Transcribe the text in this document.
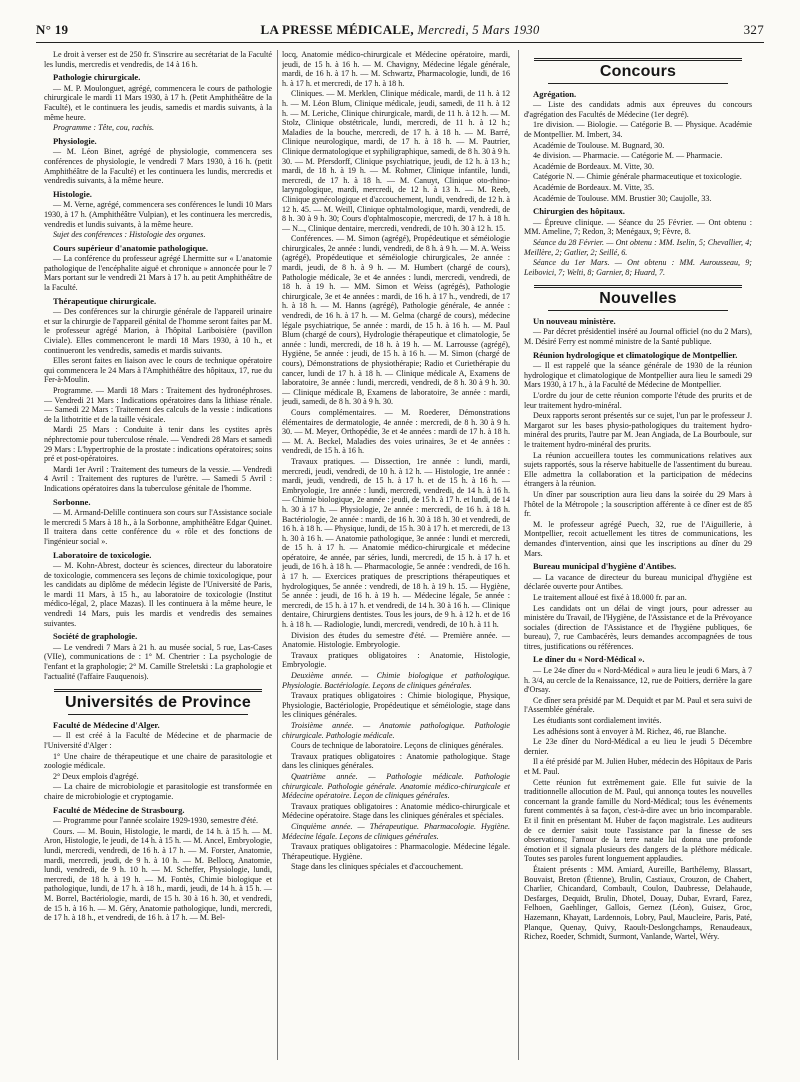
N° 19	LA PRESSE MÉDICALE, Mercredi, 5 Mars 1930	327

Le droit à verser est de 250 fr. S'inscrire au secrétariat de la Faculté les lundis, mercredis et vendredis, de 14 à 16 h.

Pathologie chirurgicale.

— M. P. Moulonguet, agrégé, commencera le cours de pathologie chirurgicale le mardi 11 Mars 1930, à 17 h. (Petit Amphithéâtre de la Faculté), et le continuera les jeudis, samedis et mardis suivants, à la même heure.

Programme : Tête, cou, rachis.

Physiologie.

— M. Léon Binet, agrégé de physiologie, commencera ses conférences de physiologie, le vendredi 7 Mars 1930, à 16 h. (petit Amphithéâtre de la Faculté) et les continuera les lundis, mercredis et vendredis suivants, à la même heure.

Histologie.

— M. Verne, agrégé, commencera ses conférences le lundi 10 Mars 1930, à 17 h. (Amphithéâtre Vulpian), et les continuera les mercredis, vendredis et lundis suivants, à la même heure.

Sujet des conférences : Histologie des organes.

Cours supérieur d'anatomie pathologique.

— La conférence du professeur agrégé Lhermitte sur « L'anatomie pathologique de l'encéphalite aiguë et chronique » annoncée pour le 7 Mars portant sur le vendredi 21 Mars à 17 h. au petit Amphithéâtre de la Faculté.

Thérapeutique chirurgicale.

— Des conférences sur la chirurgie générale de l'appareil urinaire et sur la chirurgie de l'appareil génital de l'homme seront faites par M. le professeur agrégé Marion, à l'hôpital Lariboisière (pavillon Civiale). Elles commenceront le mardi 18 Mars 1930, à 10 h., et continueront les vendredis, samedis et mardis suivants.

Elles seront faites en liaison avec le cours de technique opératoire qui commencera le 24 Mars à l'Amphithéâtre des hôpitaux, 17, rue du Fer-à-Moulin.

Programme. — Mardi 18 Mars : Traitement des hydronéphroses. — Vendredi 21 Mars : Indications opératoires dans la lithiase rénale. — Samedi 22 Mars : Traitement des calculs de la vessie : indications de la lithotritie et de la taille vésicale.

Mardi 25 Mars : Conduite à tenir dans les cystites après néphrectomie pour tuberculose rénale. — Vendredi 28 Mars et samedi 29 Mars : L'hypertrophie de la prostate : indications opératoires; soins pré et post-opératoires.

Mardi 1er Avril : Traitement des tumeurs de la vessie. — Vendredi 4 Avril : Traitement des ruptures de l'urètre. — Samedi 5 Avril : Indications opératoires dans la tuberculose génitale de l'homme.

Sorbonne.

— M. Armand-Delille continuera son cours sur l'Assistance sociale le mercredi 5 Mars à 18 h., à la Sorbonne, amphithéâtre Edgar Quinet. Il traitera dans cette conférence du « rôle et des fonctions de l'ingénieur social ».

Laboratoire de toxicologie.

— M. Kohn-Abrest, docteur ès sciences, directeur du laboratoire de toxicologie, commencera ses leçons de chimie toxicologique, pour les candidats au diplôme de médecin légiste de l'Université de Paris, le mardi 11 Mars, à 15 h., au laboratoire de toxicologie (Institut médico-légal, 2, place Mazas). Il les continuera à la même heure, le vendredi 14 Mars, puis les mardis et vendredis des semaines suivantes.

Société de graphologie.

— Le vendredi 7 Mars à 21 h. au musée social, 5 rue, Las-Cases (VIIe), communications de : 1° M. Chentrier : La psychologie de l'enfant et la graphologie; 2° M. Camille Streletski : La graphologie et l'actualité (l'affaire Fauquenois).

Universités de Province
Faculté de Médecine d'Alger.

— Il est créé à la Faculté de Médecine et de pharmacie de l'Université d'Alger :

1° Une chaire de thérapeutique et une chaire de parasitologie et zoologie médicale.

2° Deux emplois d'agrégé.

— La chaire de microbiologie et parasitologie est transformée en chaire de microbiologie et cryptogamie.

Faculté de Médecine de Strasbourg.

— Programme pour l'année scolaire 1929-1930, semestre d'été.

Cours. — M. Bouin, Histologie, le mardi, de 14 h. à 15 h. — M. Aron, Histologie, le jeudi, de 14 h. à 15 h. — M. Ancel, Embryologie, lundi, mercredi, vendredi, de 16 h. à 17 h. — M. Forster, Anatomie, mardi, mercredi, jeudi, de 9 h. à 10 h. — M. Bellocq, Anatomie, lundi, vendredi, de 9 h. 10 h. — M. Scheffer, Physiologie, lundi, mercredi, de 18 h. à 19 h. — M. Fontès, Chimie biologique et pathologique, lundi, de 17 h. à 18 h., mardi, jeudi, de 14 h. à 15 h. — M. Borrel, Bactériologie, mardi, de 15 h. 30 à 16 h. 30, et vendredi, de 15 h. à 16 h. — M. Géry, Anatomie pathologique, lundi, mercredi, de 17 h. à 18 h., et vendredi, de 16 h. à 17 h. — M. Bel-

locq, Anatomie médico-chirurgicale et Médecine opératoire, mardi, jeudi, de 15 h. à 16 h. — M. Chavigny, Médecine légale générale, mardi, de 16 h. à 17 h. — M. Schwartz, Pharmacologie, lundi, de 16 h. à 17 h. et mercredi, de 17 h. à 18 h.

Cliniques. — M. Merklen, Clinique médicale, mardi, de 11 h. à 12 h. — M. Léon Blum, Clinique médicale, jeudi, samedi, de 11 h. à 12 h. — M. Leriche, Clinique chirurgicale, mardi, de 11 h. à 12 h. — M. Stolz, Clinique obstétricale, lundi, mercredi, de 11 h. à 12 h.; Maladies de la bouche, mercredi, de 17 h. à 18 h. — M. Barré, Clinique neurologique, mardi, de 17 h. à 18 h. — M. Pautrier, Clinique dermatologique et syphiligraphique, samedi, de 8 h. 30 à 9 h. 30. — M. Pfersdorff, Clinique psychiatrique, jeudi, de 12 h. à 13 h.; mardi, de 18 h. à 19 h. — M. Rohmer, Clinique infantile, lundi, mercredi, de 17 h. à 18 h. — M. Canuyt, Clinique oto-rhino-laryngologique, mardi, mercredi, de 12 h. à 13 h. — M. Reeb, Clinique gynécologique et d'accouchement, lundi, vendredi, de 12 h. à 12 h. 45. — M. Weill, Clinique ophtalmologique, mardi, vendredi, de 8 h. 30 à 9 h. 30; Cours d'ophtalmoscopie, mercredi, de 17 h. à 18 h. — N..., Clinique dentaire, mercredi, vendredi, de 10 h. 30 à 12 h. 15.

Conférences. — M. Simon (agrégé), Propédeutique et séméiologie chirurgicales, 2e année : lundi, vendredi, de 8 h. à 9 h. — M. A. Weiss (agrégé), Propédeutique et séméiologie chirurgicales, 2e année : mardi, jeudi, de 8 h. à 9 h. — M. Humbert (chargé de cours), Pathologie médicale, 3e et 4e années : lundi, mercredi, vendredi, de 18 h. à 19 h. — MM. Simon et Weiss (agrégés), Pathologie chirurgicale, 3e et 4e années : mardi, de 16 h. à 17 h., vendredi, de 17 h. à 18 h. — M. Hanns (agrégé), Pathologie générale, 4e année : vendredi, de 16 h. à 17 h. — M. Gelma (chargé de cours), médecine légale psychiatrique, 5e année : mardi, de 15 h. à 16 h. — M. Paul Blum (chargé de cours), Hydrologie thérapeutique et climatologie, 5e année : lundi, mercredi, de 18 h. à 19 h. — M. Larrousse (agrégé), Hygiène, 5e année : jeudi, de 15 h. à 16 h. — M. Simon (chargé de cours), Démonstrations de physiothérapie; Radio et Curiethérapie du cancer, lundi de 17 h. à 18 h. — Clinique médicale A, Examens de laboratoire, 3e année : lundi, mercredi, vendredi, de 8 h. 30 à 9 h. 30. — Clinique médicale B, Examens de laboratoire, 3e année : mardi, jeudi, samedi, de 8 h. 30 à 9 h. 30.

Cours complémentaires. — M. Roederer, Démonstrations élémentaires de dermatologie, 4e année : mercredi, de 8 h. 30 à 9 h. 30. — M. Meyer, Orthopédie, 3e et 4e années : mardi de 17 h. à 18 h. — M. A. Beckel, Maladies des voies urinaires, 3e et 4e années : vendredi, de 15 h. à 16 h.

Travaux pratiques. — Dissection, 1re année : lundi, mardi, mercredi, jeudi, vendredi, de 10 h. à 12 h. — Histologie, 1re année : mardi, jeudi, vendredi, de 15 h. à 17 h. et de 15 h. à 16 h. — Embryologie, 1re année : lundi, mercredi, vendredi, de 14 h. à 16 h. — Chimie biologique, 2e année : jeudi, de 15 h. à 17 h. et lundi, de 14 h. 30 à 17 h. — Physiologie, 2e année : mercredi, de 16 h. à 18 h. Bactériologie, 2e année : mardi, de 16 h. 30 à 18 h. 30 et vendredi, de 16 h. à 18 h. — Physique, lundi, de 15 h. 30 à 17 h. et mercredi, de 13 h. 30 à 16 h. — Anatomie pathologique, 3e année : lundi et mercredi, de 15 h. à 17 h. — Anatomie médico-chirurgicale et médecine opératoire, 4e année, par séries, lundi, mercredi, de 15 h. à 17 h. et jeudi, de 16 h. à 18 h. — Pharmacologie, 5e année : vendredi, de 16 h. à 17 h. — Exercices pratiques de prescriptions thérapeutiques et hydrologiques, 5e année : vendredi, de 18 h. à 19 h. 15. — Hygiène, 5e année : jeudi, de 16 h. à 19 h. — Médecine légale, 5e année : mercredi, de 15 h. à 17 h. et vendredi, de 14 h. 30 à 16 h. — Clinique dentaire, Chirurgiens dentistes. Tous les jours, de 9 h. à 12 h. et de 16 h. à 18 h. — Radiologie, lundi, mercredi, vendredi, de 10 h. à 11 h.

Division des études du semestre d'été. — Première année. — Anatomie. Histologie. Embryologie.

Travaux pratiques obligatoires : Anatomie, Histologie, Embryologie.

Deuxième année. — Chimie biologique et pathologique. Physiologie. Bactériologie. Leçons de cliniques générales.

Travaux pratiques obligatoires : Chimie biologique, Physique, Physiologie, Bactériologie, Propédeutique et séméiologie, stage dans les cliniques générales.

Troisième année. — Anatomie pathologique. Pathologie chirurgicale. Pathologie médicale.

Cours de technique de laboratoire. Leçons de cliniques générales.

Travaux pratiques obligatoires : Anatomie pathologique. Stage dans les cliniques générales.

Quatrième année. — Pathologie médicale. Pathologie chirurgicale. Pathologie générale. Anatomie médico-chirurgicale et Médecine opératoire. Leçon de cliniques générales.

Travaux pratiques obligatoires : Anatomie médico-chirurgicale et Médecine opératoire. Stage dans les cliniques générales et spéciales.

Cinquième année. — Thérapeutique. Pharmacologie. Hygiène. Médecine légale. Leçons de cliniques générales.

Travaux pratiques obligatoires : Pharmacologie. Médecine légale. Thérapeutique. Hygiène.

Stage dans les cliniques spéciales et d'accouchement.

Concours
Agrégation.

— Liste des candidats admis aux épreuves du concours d'agrégation des Facultés de Médecine (1er degré).

1re division. — Biologie. — Catégorie B. — Physique. Académie de Montpellier. M. Imbert, 34.

Académie de Toulouse. M. Bugnard, 30.

4e division. — Pharmacie. — Catégorie M. — Pharmacie.

Académie de Bordeaux. M. Vitte, 30.

Catégorie N. — Chimie générale pharmaceutique et toxicologie.

Académie de Bordeaux. M. Vitte, 35.

Académie de Toulouse. MM. Brustier 30; Caujolle, 33.

Chirurgien des hôpitaux.

— Épreuve clinique. — Séance du 25 Février. — Ont obtenu : MM. Ameline, 7; Redon, 3; Menégaux, 9; Fèvre, 8.

Séance du 28 Février. — Ont obtenu : MM. Iselin, 5; Chevallier, 4; Meillère, 2; Gatlier, 2; Seillé, 6.

Séance du 1er Mars. — Ont obtenu : MM. Aurousseau, 9; Leibovici, 7; Welti, 8; Garnier, 8; Huard, 7.

Nouvelles
Un nouveau ministère.

— Par décret présidentiel inséré au Journal officiel (no du 2 Mars), M. Désiré Ferry est nommé ministre de la Santé publique.

Réunion hydrologique et climatologique de Montpellier.

— Il est rappelé que la séance générale de 1930 de la réunion hydrologique et climatologique de Montpellier aura lieu le samedi 29 Mars 1930, à 17 h., à la Faculté de Médecine de Montpellier.

L'ordre du jour de cette réunion comporte l'étude des prurits et de leur traitement hydro-minéral.

Deux rapports seront présentés sur ce sujet, l'un par le professeur J. Margarot sur les bases physio-pathologiques du traitement hydro-minéral des prurits, l'autre par M. Jean Angiada, de La Bourboule, sur le traitement hydro-minéral des prurits.

La réunion accueillera toutes les communications relatives aux sujets rapportés, sous la réserve habituelle de l'assentiment du bureau. Elle admettra la collaboration et la participation de médecins étrangers à la réunion.

Un dîner par souscription aura lieu dans la soirée du 29 Mars à l'hôtel de la Métropole ; la souscription afférente à ce dîner est de 85 fr.

M. le professeur agrégé Puech, 32, rue de l'Aiguillerie, à Montpellier, recoit actuellement les titres de communications, les demandes d'intervention, ainsi que les inscriptions au dîner du 29 Mars.

Bureau municipal d'hygiène d'Antibes.

— La vacance de directeur du bureau municipal d'hygiène est déclarée ouverte pour Antibes.

Le traitement alloué est fixé à 18.000 fr. par an.

Les candidats ont un délai de vingt jours, pour adresser au ministère du Travail, de l'Hygiène, de l'Assistance et de la Prévoyance sociales (direction de l'Assistance et de l'hygiène publiques, 6e bureau), 7, rue Cambacérès, leurs demandes accompagnées de tous titres, justifications ou références.

Le dîner du « Nord-Médical ».

— Le 24e dîner du « Nord-Médical » aura lieu le jeudi 6 Mars, à 7 h. 3/4, au cercle de la Renaissance, 12, rue de Poitiers, derrière la gare d'Orsay.

Ce dîner sera présidé par M. Dequidt et par M. Paul et sera suivi de l'Assemblée générale.

Les étudiants sont cordialement invités.

Les adhésions sont à envoyer à M. Richez, 46, rue Blanche.

Le 23e dîner du Nord-Médical a eu lieu le jeudi 5 Décembre dernier.

Il a été présidé par M. Julien Huber, médecin des Hôpitaux de Paris et M. Paul.

Cette réunion fut extrêmement gaie. Elle fut suivie de la traditionnelle allocution de M. Paul, qui annonça toutes les nouvelles concernant la grande famille du Nord-Médical; tous les événements furent commentés à sa façon, c'est-à-dire avec un brio incomparable. Et il finit en présentant M. Huber de façon magistrale. Les auditeurs de ce dernier saisit toute l'assistance par la finesse de ses observations; l'amour de la terre natale lui donna une profonde émotion et il signala plusieurs des dangers de la pléthore médicale. Toutes ses paroles furent longuement applaudies.

Étaient présents : MM. Amiard, Aureille, Barthélemy, Blassart, Bouvaist, Breton (Étienne), Brulin, Castiaux, Crouzon, de Chabert, Charlier, Chicandard, Combault, Coulon, Daubresse, Delahaude, Desfarges, Dequidt, Brulin, Dhotel, Douay, Dubar, Evrard, Farez, Felhoen, Gaehlinger, Gallois, Gernez (Léon), Guisez, Groc, Hazemann, Khayatt, Lardennois, Lobry, Paul, Maucleire, Paris, Paté, Planque, Quenay, Quivy, Raoult-Deslongchamps, Renaudeaux, Richez, Roeder, Schmidt, Surmont, Vanlande, Wartel, Wéry.
